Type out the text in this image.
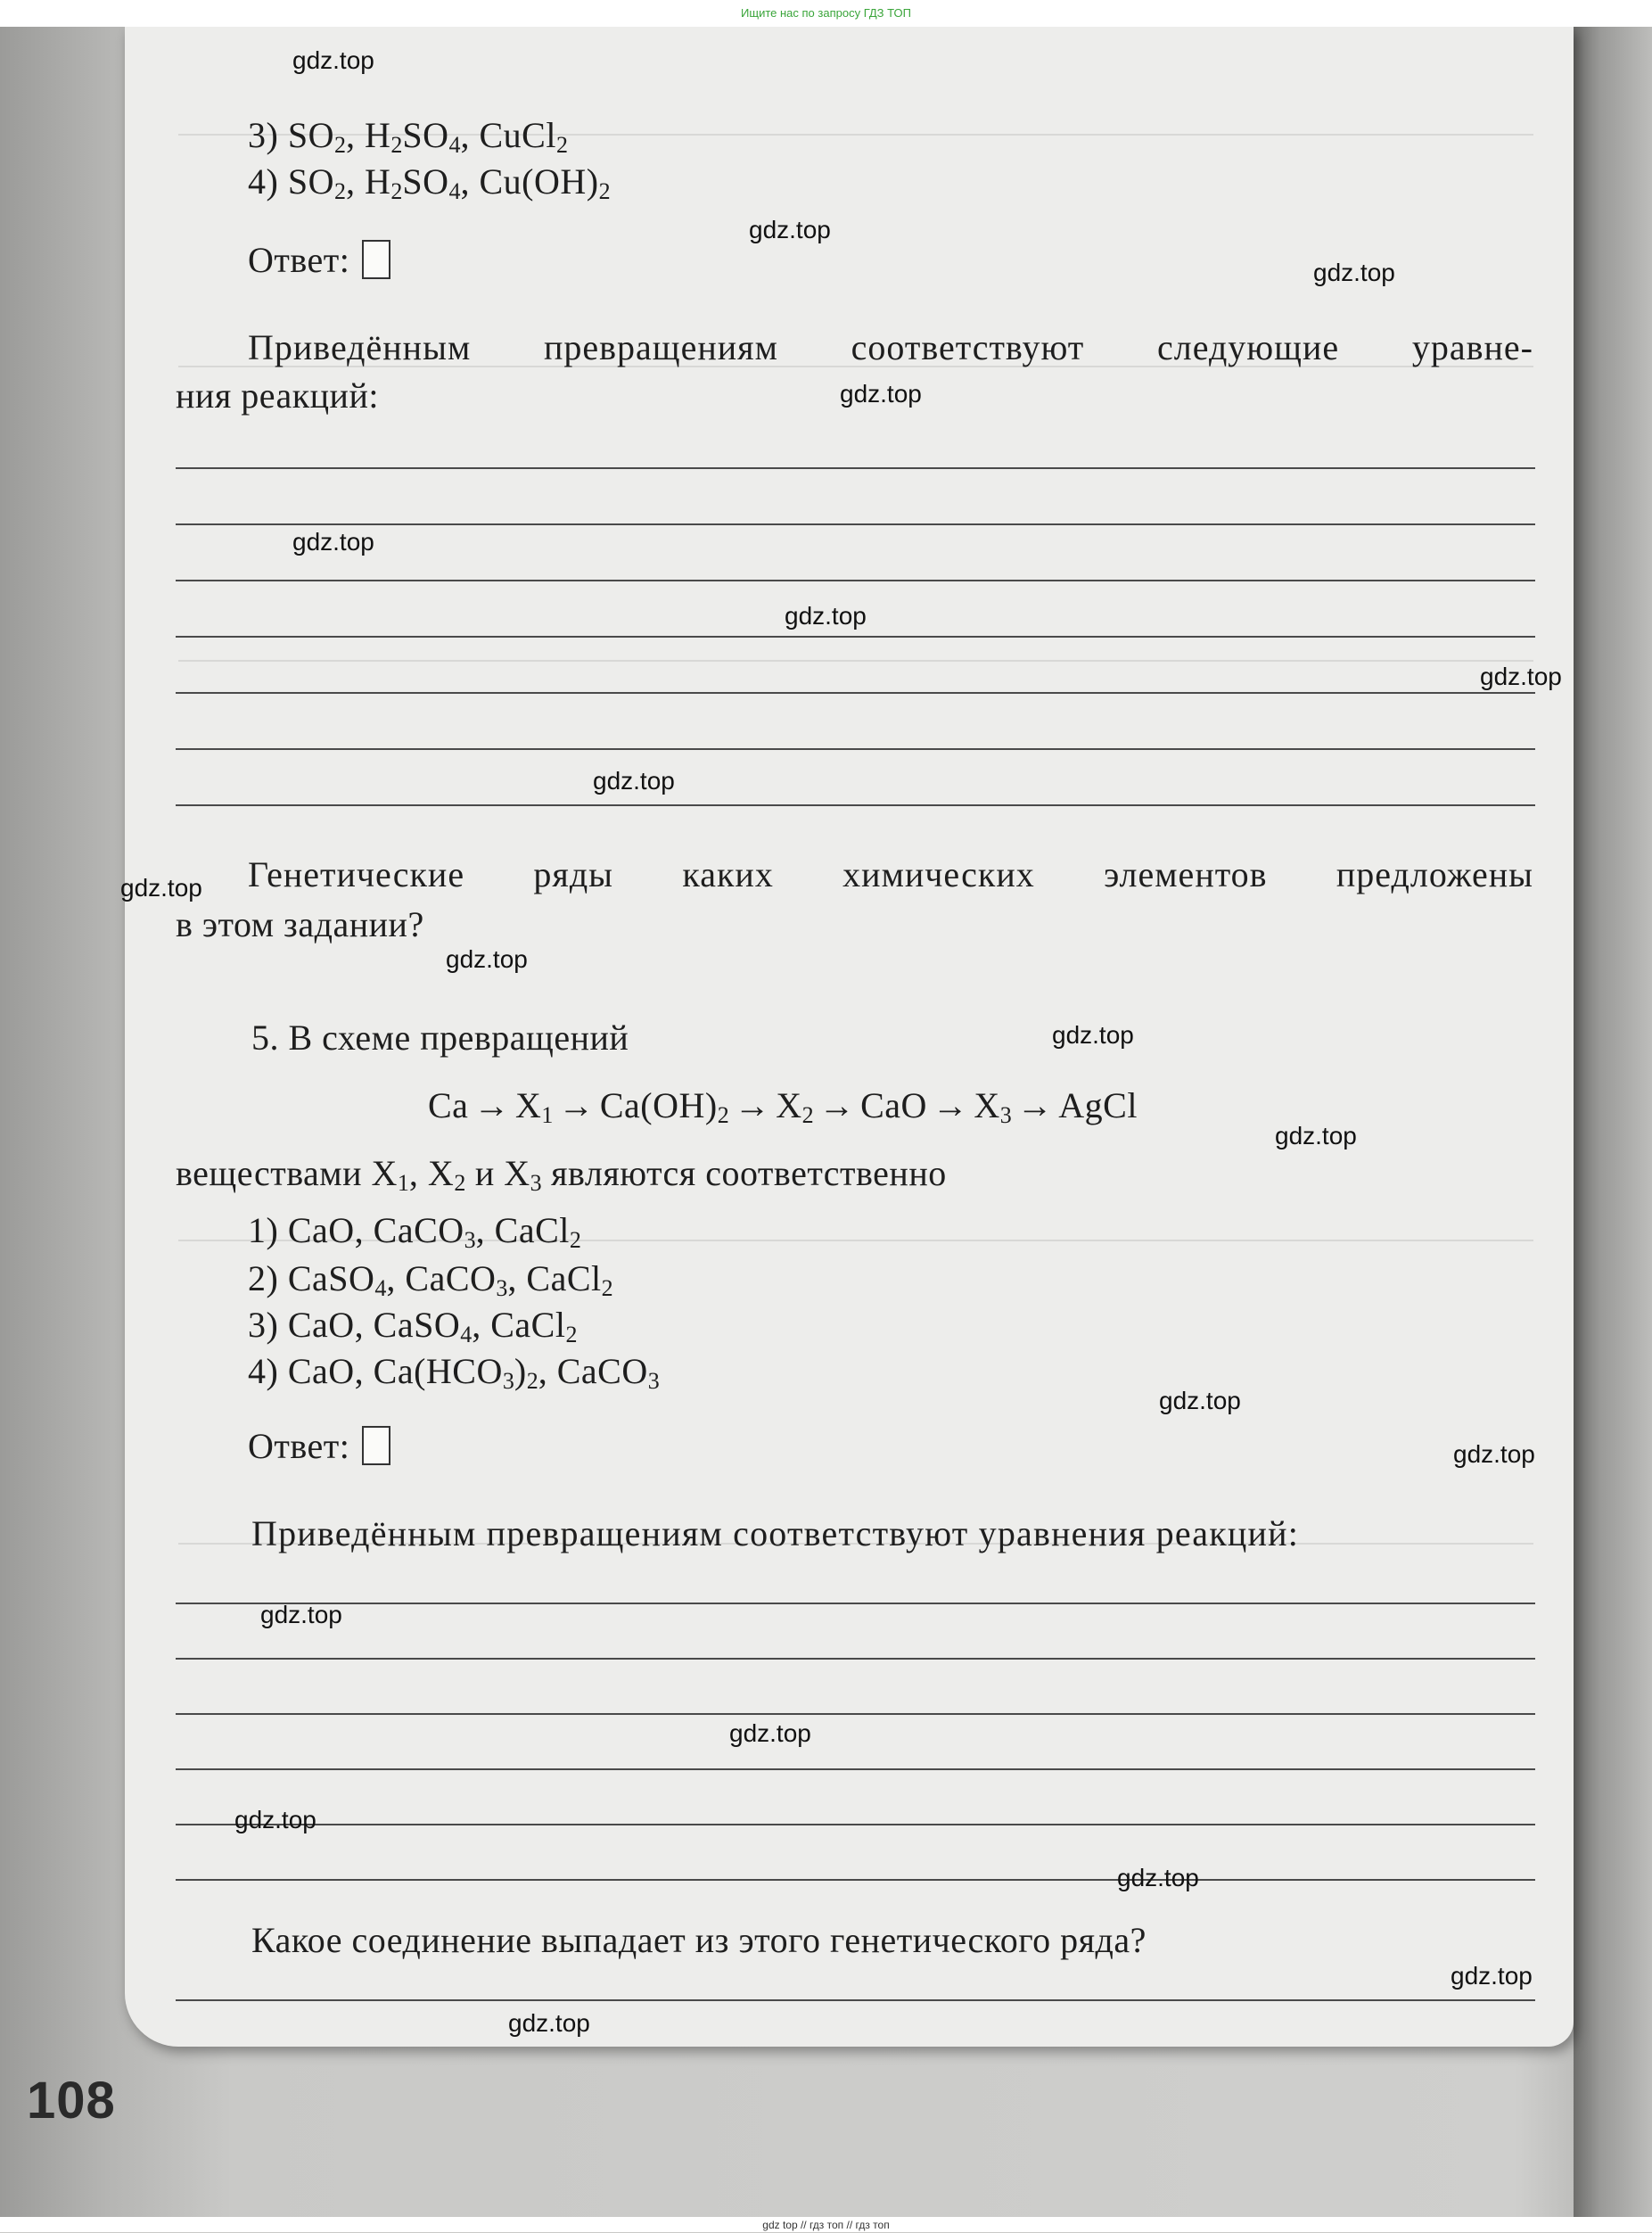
Ищите нас по запросу ГДЗ ТОП
3) $SO_2$, $H_2SO_4$, CuCl$_2$
4) $SO_2$, $H_2SO_4$, $Cu(OH)_2$
Ответ:
Приведённым превращениям соответствуют следующие уравне-
ния реакций:
Генетические ряды каких химических элементов предложены
в этом задании?
5. В схеме превращений
$Ca \to X_1 \to Ca(OH)_2 \to X_2$ → CaO → $X_3$ → AgCl
веществами $X_1$, $X_2$ и $X_3$ являются соответственно
1) CaO, CaCO$_3$, CaCl$_2$
2) CaSO$_4$, CaCO$_3$, CaCl$_2$
3) CaO, CaSO$_4$, CaCl$_2$
4) CaO, $Ca(HCO_3)_2$, CaCO$_3$
Ответ:
Приведённым превращениям соответствуют уравнения реакций:
Какое соединение выпадает из этого генетического ряда?
108
gdz.top
gdz.top
gdz.top
gdz.top
gdz.top
gdz.top
gdz.top
gdz.top
gdz.top
gdz.top
gdz.top
gdz.top
gdz.top
gdz.top
gdz.top
gdz.top
gdz.top
gdz.top
gdz.top
gdz.top
gdz top // гдз топ // гдз топ
